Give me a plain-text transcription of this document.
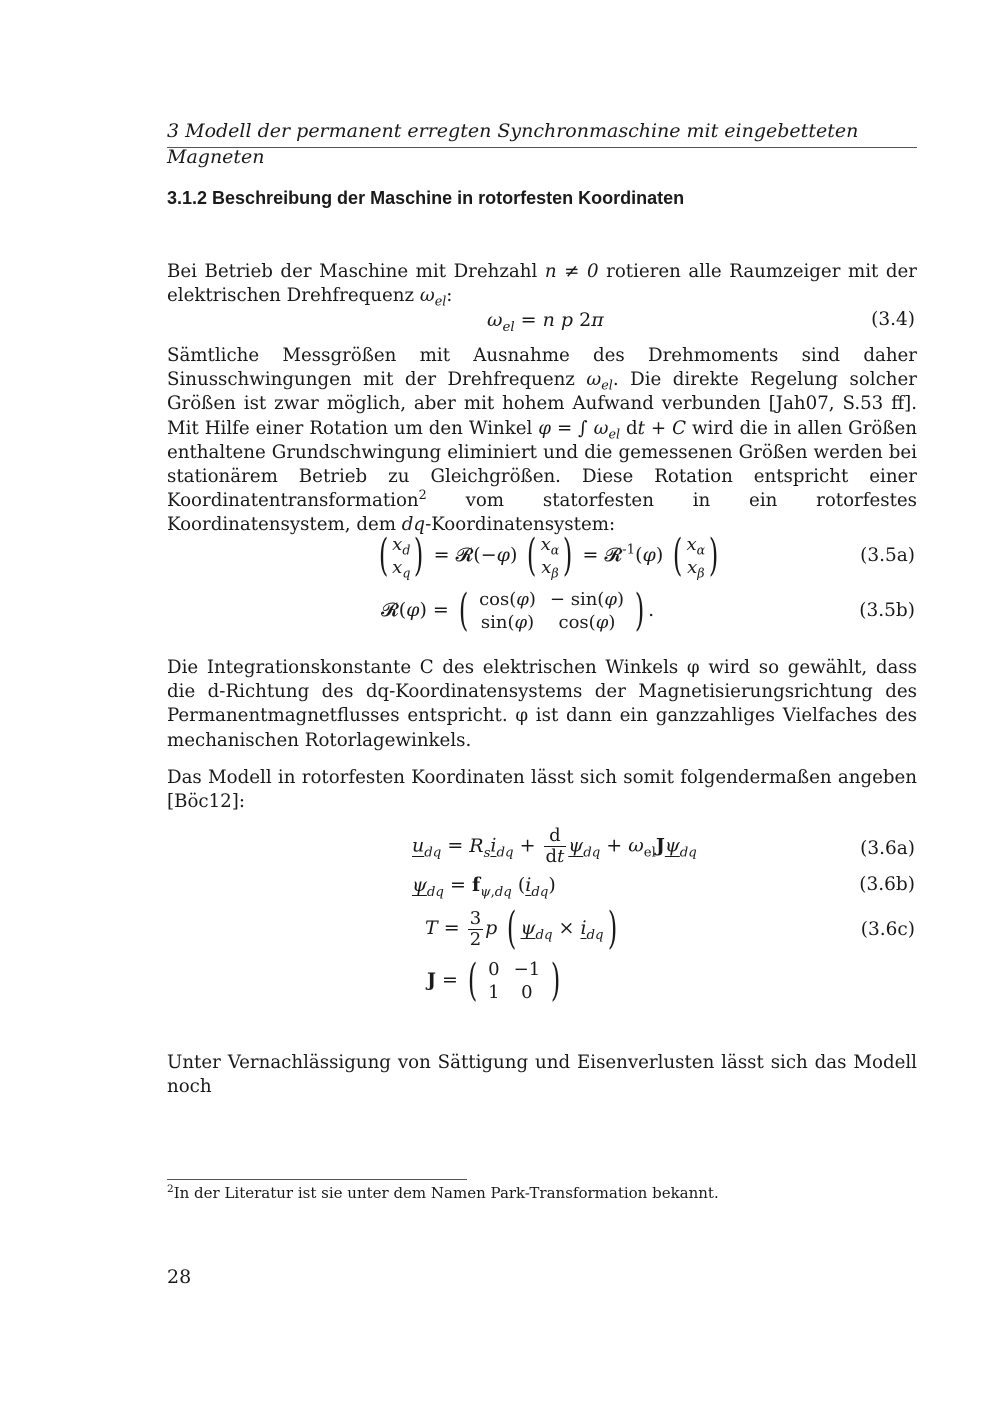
3 Modell der permanent erregten Synchronmaschine mit eingebetteten Magneten
3.1.2 Beschreibung der Maschine in rotorfesten Koordinaten
Bei Betrieb der Maschine mit Drehzahl n ≠ 0 rotieren alle Raumzeiger mit der elektrischen Drehfrequenz $\omega_{el}$:
$\omega_{el} = n$ p 2π	(3.4)
Sämtliche Messgrößen mit Ausnahme des Drehmoments sind daher Sinusschwingungen mit der Drehfrequenz $\omega_{el}$. Die direkte Regelung solcher Größen ist zwar möglich, aber mit hohem Aufwand verbunden [Jah07, S.53 ff]. Mit Hilfe einer Rotation um den Winkel φ = ∫ $\omega_{el}$ dt + C wird die in allen Größen enthaltene Grundschwingung eliminiert und die gemessenen Größen werden bei stationärem Betrieb zu Gleichgrößen. Diese Rotation entspricht einer Koordinatentransformation$^2$ vom statorfesten in ein rotorfestes Koordinatensystem, dem dq-Koordinatensystem:
( $x_d$
$x_q$ ) = 𝓡(−φ) ( $x_\alpha$
$x_\beta$ ) = 𝓡$^{-1}$(φ) ( $x_\alpha$
$x_\beta$ )	(3.5a)
𝓡(φ) = ( cos(φ)	− sin(φ)
sin(φ)	cos(φ) ) .	(3.5b)
Die Integrationskonstante C des elektrischen Winkels φ wird so gewählt, dass die d-Richtung des dq-Koordinatensystems der Magnetisierungsrichtung des Permanentmagnetflusses entspricht. φ ist dann ein ganzzahliges Vielfaches des mechanischen Rotorlagewinkels.
Das Modell in rotorfesten Koordinaten lässt sich somit folgendermaßen angeben [Böc12]:
$u_{dq} = R_si_{dq} + \frac{d}{dt} \psi_{dq} + \omega_{el}J\psi_{dq}$	(3.6a)
$\psi_{dq} = f_{\psi,dq}$ $(i_{dq})$	(3.6b)
$T = \frac{3}{2}$ p ( $\psi_{dq} \times i_{dq}$)	(3.6c)
J = ( 0	−1
1	0 )
Unter Vernachlässigung von Sättigung und Eisenverlusten lässt sich das Modell noch
$^2$In der Literatur ist sie unter dem Namen Park-Transformation bekannt.
28
